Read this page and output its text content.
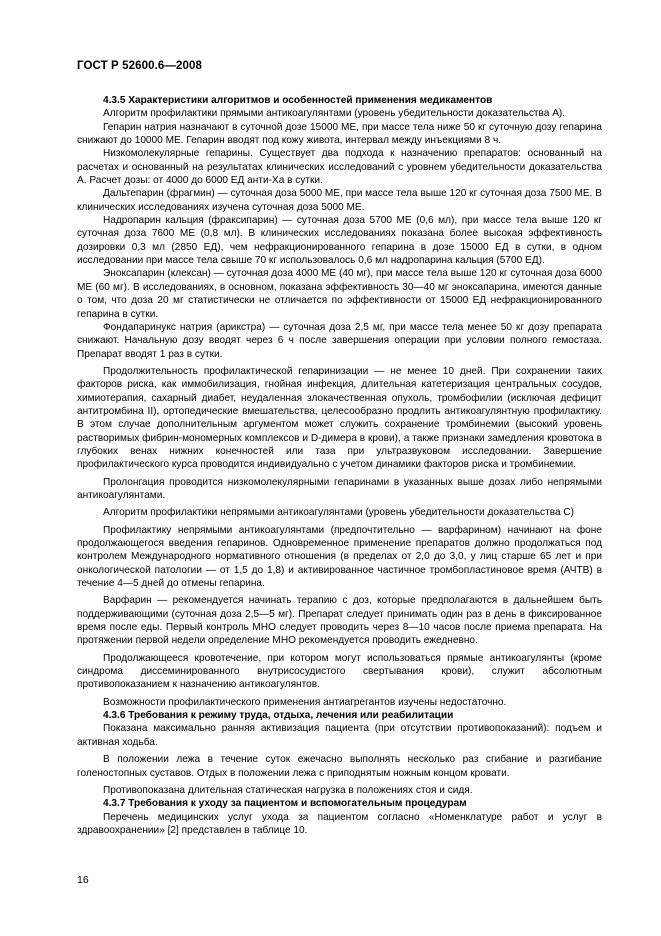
ГОСТ Р 52600.6—2008

4.3.5 Характеристики алгоритмов и особенностей применения медикаментов

Алгоритм профилактики прямыми антикоагулянтами (уровень убедительности доказательства А).

Гепарин натрия назначают в суточной дозе 15000 МЕ, при массе тела ниже 50 кг суточную дозу гепарина снижают до 10000 МЕ. Гепарин вводят под кожу живота, интервал между инъекциями 8 ч.

Низкомолекулярные гепарины. Существует два подхода к назначению препаратов: основанный на расчетах и основанный на результатах клинических исследований с уровнем убедительности доказательства А. Расчет дозы: от 4000 до 6000 ЕД анти-Ха в сутки.

Дальтепарин (фрагмин) — суточная доза 5000 МЕ, при массе тела выше 120 кг суточная доза 7500 МЕ. В клинических исследованиях изучена суточная доза 5000 МЕ.

Надропарин кальция (фраксипарин) — суточная доза 5700 МЕ (0,6 мл), при массе тела выше 120 кг суточная доза 7600 МЕ (0,8 мл). В клинических исследованиях показана более высокая эффективность дозировки 0,3 мл (2850 ЕД), чем нефракционированного гепарина в дозе 15000 ЕД в сутки, в одном исследовании при массе тела свыше 70 кг использовалось 0,6 мл надропарина кальция (5700 ЕД).

Эноксапарин (клексан) — суточная доза 4000 МЕ (40 мг), при массе тела выше 120 кг суточная доза 6000 МЕ (60 мг). В исследованиях, в основном, показана эффективность 30—40 мг эноксапарина, имеются данные о том, что доза 20 мг статистически не отличается по эффективности от 15000 ЕД нефракционированного гепарина в сутки.

Фондапаринукс натрия (арикстра) — суточная доза 2,5 мг, при массе тела менее 50 кг дозу препарата снижают. Начальную дозу вводят через 6 ч после завершения операции при условии полного гемостаза. Препарат вводят 1 раз в сутки.

Продолжительность профилактической гепаринизации — не менее 10 дней. При сохранении таких факторов риска, как иммобилизация, гнойная инфекция, длительная катетеризация центральных сосудов, химиотерапия, сахарный диабет, неудаленная злокачественная опухоль, тромбофилии (исключая дефицит антитромбина II), ортопедические вмешательства, целесообразно продлить антикоагулянтную профилактику. В этом случае дополнительным аргументом может служить сохранение тромбинемии (высокий уровень растворимых фибрин-мономерных комплексов и D-димера в крови), а также признаки замедления кровотока в глубоких венах нижних конечностей или таза при ультразвуковом исследовании. Завершение профилактического курса проводится индивидуально с учетом динамики факторов риска и тромбинемии.

Пролонгация проводится низкомолекулярными гепаринами в указанных выше дозах либо непрямыми антикоагулянтами.

Алгоритм профилактики непрямыми антикоагулянтами (уровень убедительности доказательства С)

Профилактику непрямыми антикоагулянтами (предпочтительно — варфарином) начинают на фоне продолжающегося введения гепаринов. Одновременное применение препаратов должно продолжаться под контролем Международного нормативного отношения (в пределах от 2,0 до 3,0, у лиц старше 65 лет и при онкологической патологии — от 1,5 до 1,8) и активированное частичное тромбопластиновое время (АЧТВ) в течение 4—5 дней до отмены гепарина.

Варфарин — рекомендуется начинать терапию с доз, которые предполагаются в дальнейшем быть поддерживающими (суточная доза 2,5—5 мг). Препарат следует принимать один раз в день в фиксированное время после еды. Первый контроль МНО следует проводить через 8—10 часов после приема препарата. На протяжении первой недели определение МНО рекомендуется проводить ежедневно.

Продолжающееся кровотечение, при котором могут использоваться прямые антикоагулянты (кроме синдрома диссеминированного внутрисосудистого свертывания крови), служит абсолютным противопоказанием к назначению антикоагулянтов.

Возможности профилактического применения антиагрегантов изучены недостаточно.

4.3.6 Требования к режиму труда, отдыха, лечения или реабилитации

Показана максимально ранняя активизация пациента (при отсутствии противопоказаний): подъем и активная ходьба.

В положении лежа в течение суток ежечасно выполнять несколько раз сгибание и разгибание голеностопных суставов. Отдых в положении лежа с приподнятым ножным концом кровати.

Противопоказана длительная статическая нагрузка в положениях стоя и сидя.

4.3.7 Требования к уходу за пациентом и вспомогательным процедурам

Перечень медицинских услуг ухода за пациентом согласно «Номенклатуре работ и услуг в здравоохранении» [2] представлен в таблице 10.

16
